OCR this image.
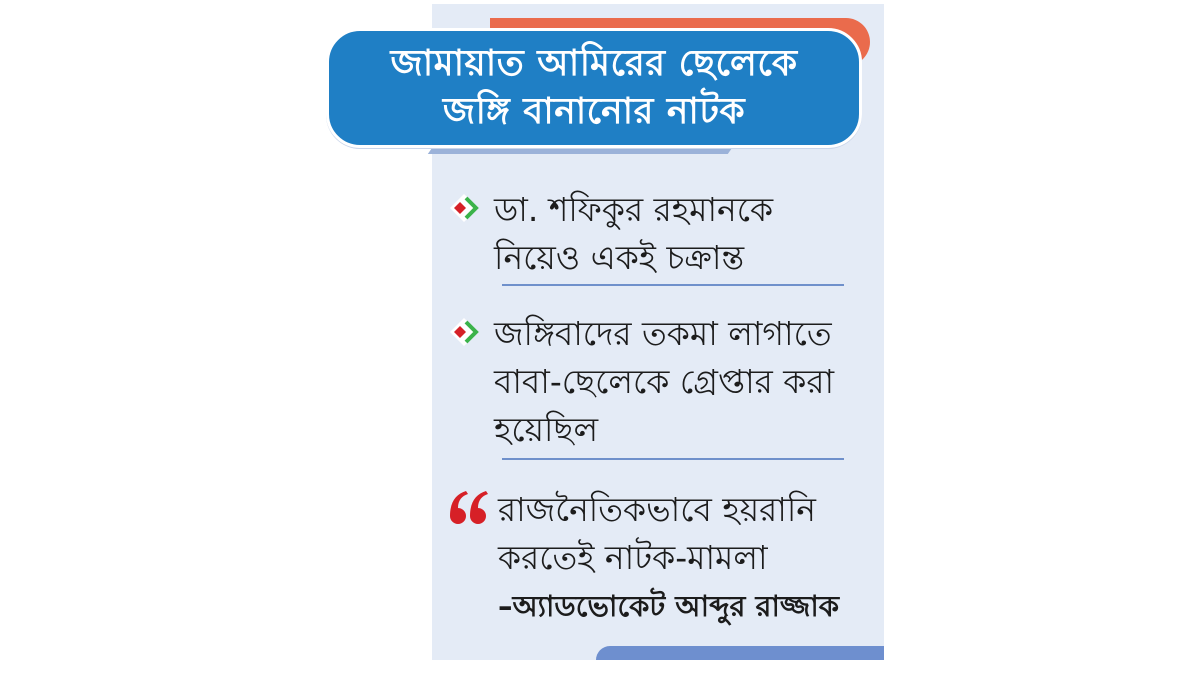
জামায়াত আমিরের ছেলেকে
জঙ্গি বানানোর নাটক
ডা. শফিকুর রহমানকে
নিয়েও একই চক্রান্ত
জঙ্গিবাদের তকমা লাগাতে
বাবা-ছেলেকে গ্রেপ্তার করা
হয়েছিল
রাজনৈতিকভাবে হয়রানি
করতেই নাটক-মামলা
–অ্যাডভোকেট আব্দুর রাজ্জাক
